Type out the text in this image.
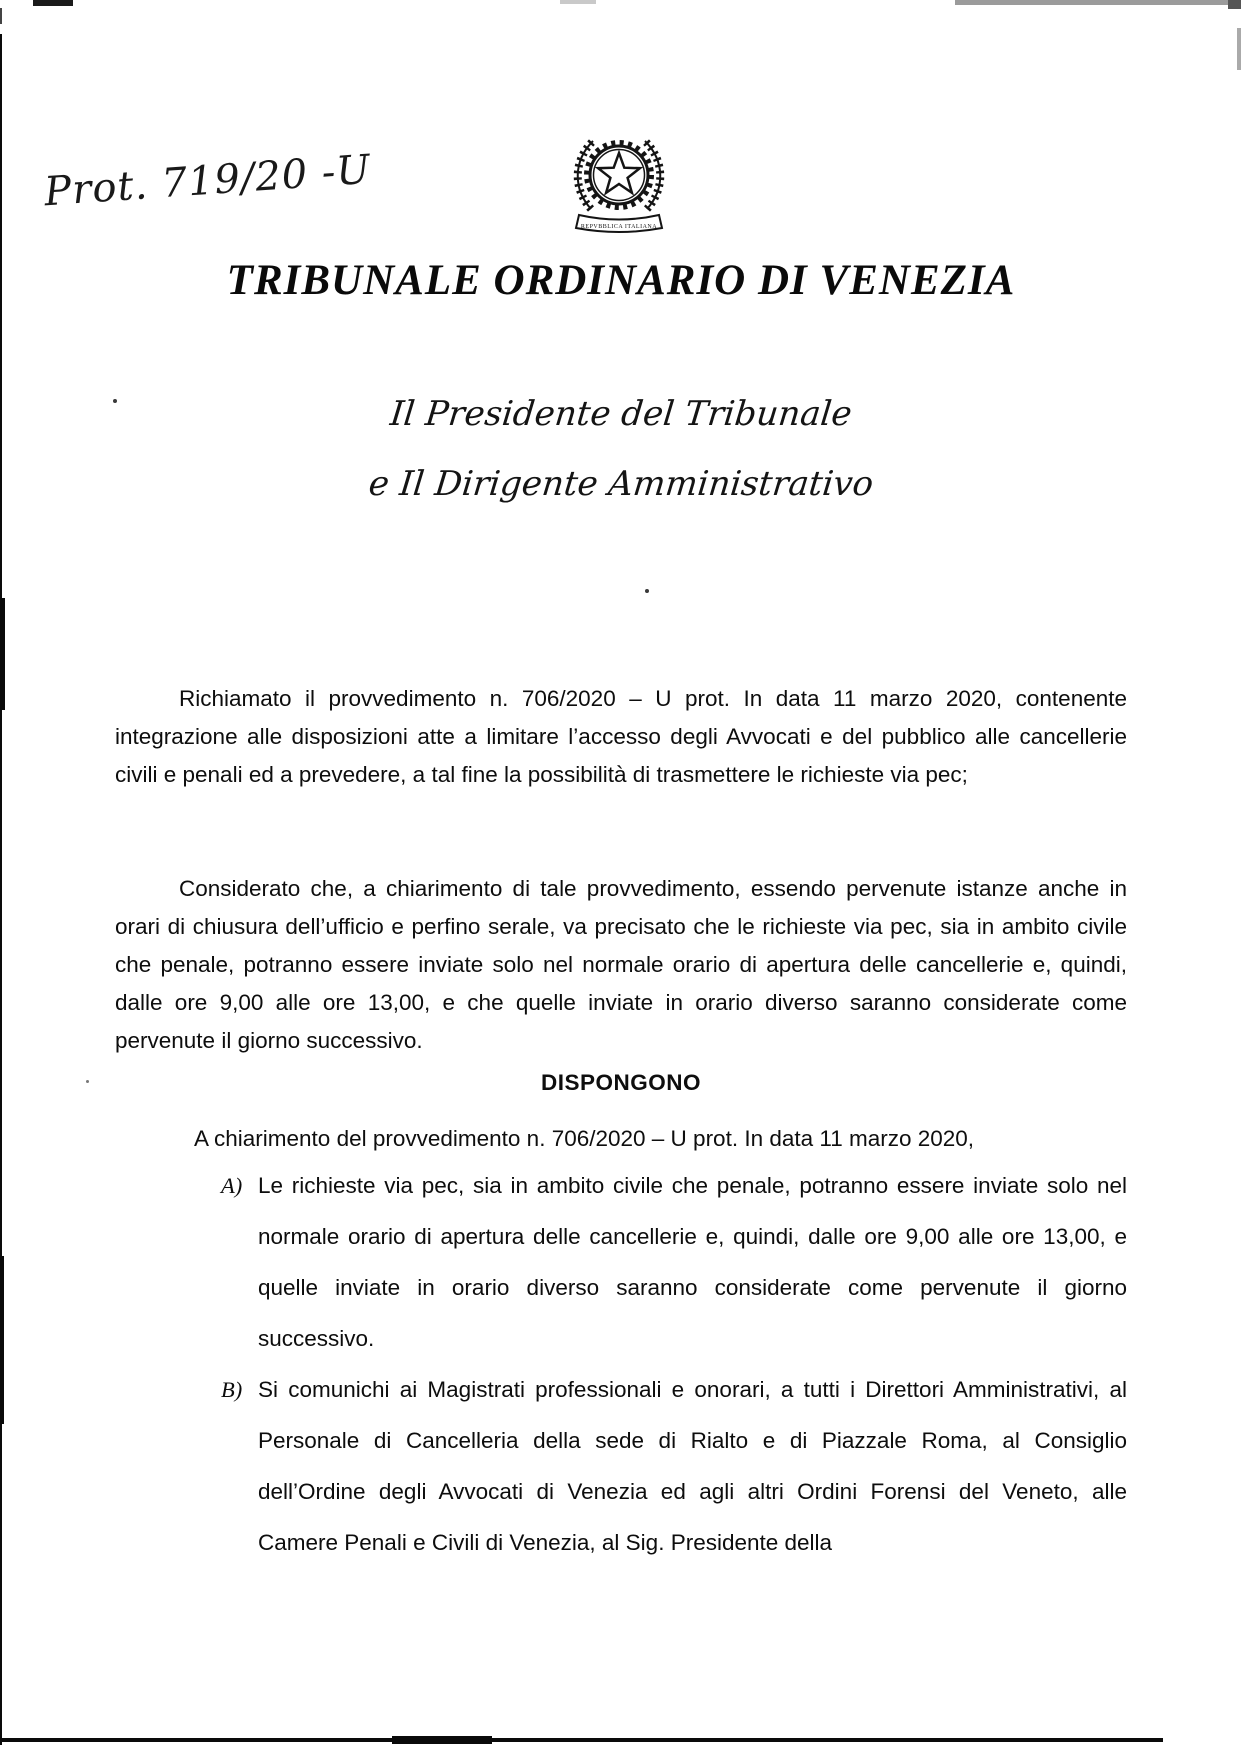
Prot. 719/20 -U
REPVBBLICA ITALIANA
TRIBUNALE ORDINARIO DI VENEZIA
Il Presidente del Tribunale
e Il Dirigente Amministrativo

Richiamato il provvedimento n. 706/2020 – U prot. In data 11 marzo 2020, contenente integrazione alle disposizioni atte a limitare l’accesso degli Avvocati e del pubblico alle cancellerie civili e penali ed a prevedere, a tal fine la possibilità di trasmettere le richieste via pec;

Considerato che, a chiarimento di tale provvedimento, essendo pervenute istanze anche in orari di chiusura dell’ufficio e perfino serale, va precisato che le richieste via pec, sia in ambito civile che penale, potranno essere inviate solo nel normale orario di apertura delle cancellerie e, quindi, dalle ore 9,00 alle ore 13,00, e che quelle inviate in orario diverso saranno considerate come pervenute il giorno successivo.

DISPONGONO
A chiarimento del provvedimento n. 706/2020 – U prot. In data 11 marzo 2020,
A) Le richieste via pec, sia in ambito civile che penale, potranno essere inviate solo nel normale orario di apertura delle cancellerie e, quindi, dalle ore 9,00 alle ore 13,00, e quelle inviate in orario diverso saranno considerate come pervenute il giorno successivo.
B) Si comunichi ai Magistrati professionali e onorari, a tutti i Direttori Amministrativi, al Personale di Cancelleria della sede di Rialto e di Piazzale Roma, al Consiglio dell’Ordine degli Avvocati di Venezia ed agli altri Ordini Forensi del Veneto, alle Camere Penali e Civili di Venezia, al Sig. Presidente della
